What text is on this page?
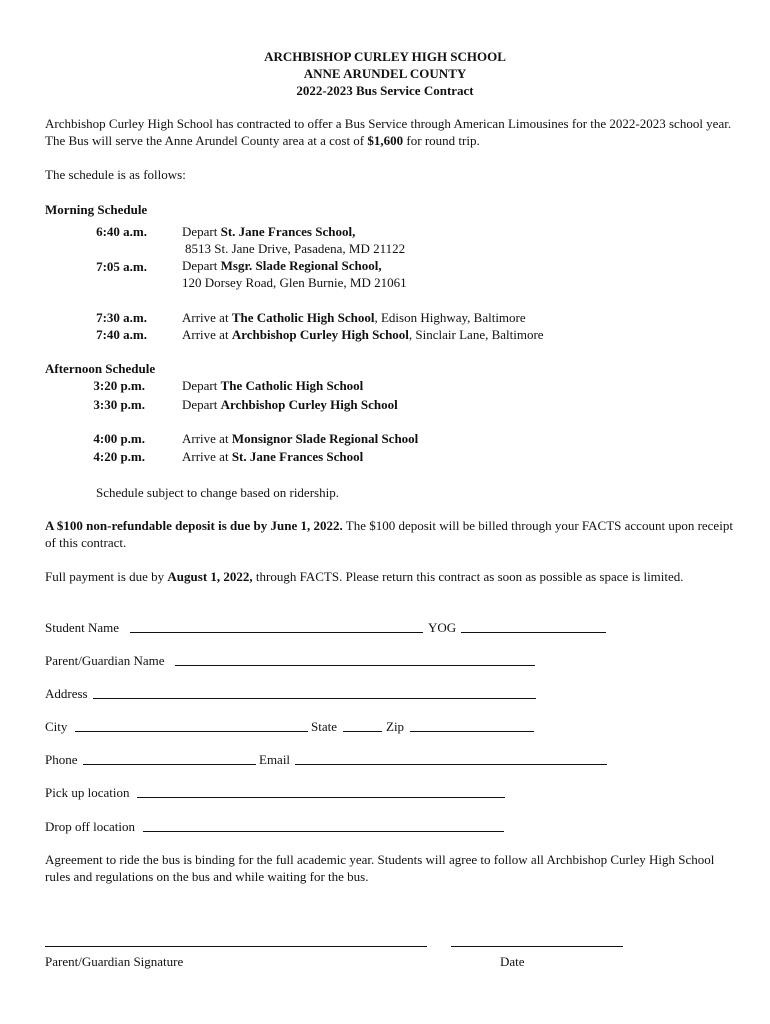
ARCHBISHOP CURLEY HIGH SCHOOL
ANNE ARUNDEL COUNTY
2022-2023 Bus Service Contract
Archbishop Curley High School has contracted to offer a Bus Service through American Limousines for the 2022-2023 school year. The Bus will serve the Anne Arundel County area at a cost of $1,600 for round trip.
The schedule is as follows:
Morning Schedule
6:40 a.m.	Depart St. Jane Frances School,
8513 St. Jane Drive, Pasadena, MD 21122
7:05 a.m.	Depart Msgr. Slade Regional School,
120 Dorsey Road, Glen Burnie, MD 21061
7:30 a.m.	Arrive at The Catholic High School, Edison Highway, Baltimore
7:40 a.m.	Arrive at Archbishop Curley High School, Sinclair Lane, Baltimore
Afternoon Schedule
3:20 p.m.	Depart The Catholic High School
3:30 p.m.	Depart Archbishop Curley High School
4:00 p.m.	Arrive at Monsignor Slade Regional School
4:20 p.m.	Arrive at St. Jane Frances School
Schedule subject to change based on ridership.
A $100 non-refundable deposit is due by June 1, 2022. The $100 deposit will be billed through your FACTS account upon receipt of this contract.
Full payment is due by August 1, 2022, through FACTS. Please return this contract as soon as possible as space is limited.
Student Name	YOG
Parent/Guardian Name
Address
City	State	Zip
Phone	Email
Pick up location
Drop off location
Agreement to ride the bus is binding for the full academic year. Students will agree to follow all Archbishop Curley High School rules and regulations on the bus and while waiting for the bus.
Parent/Guardian Signature	Date
